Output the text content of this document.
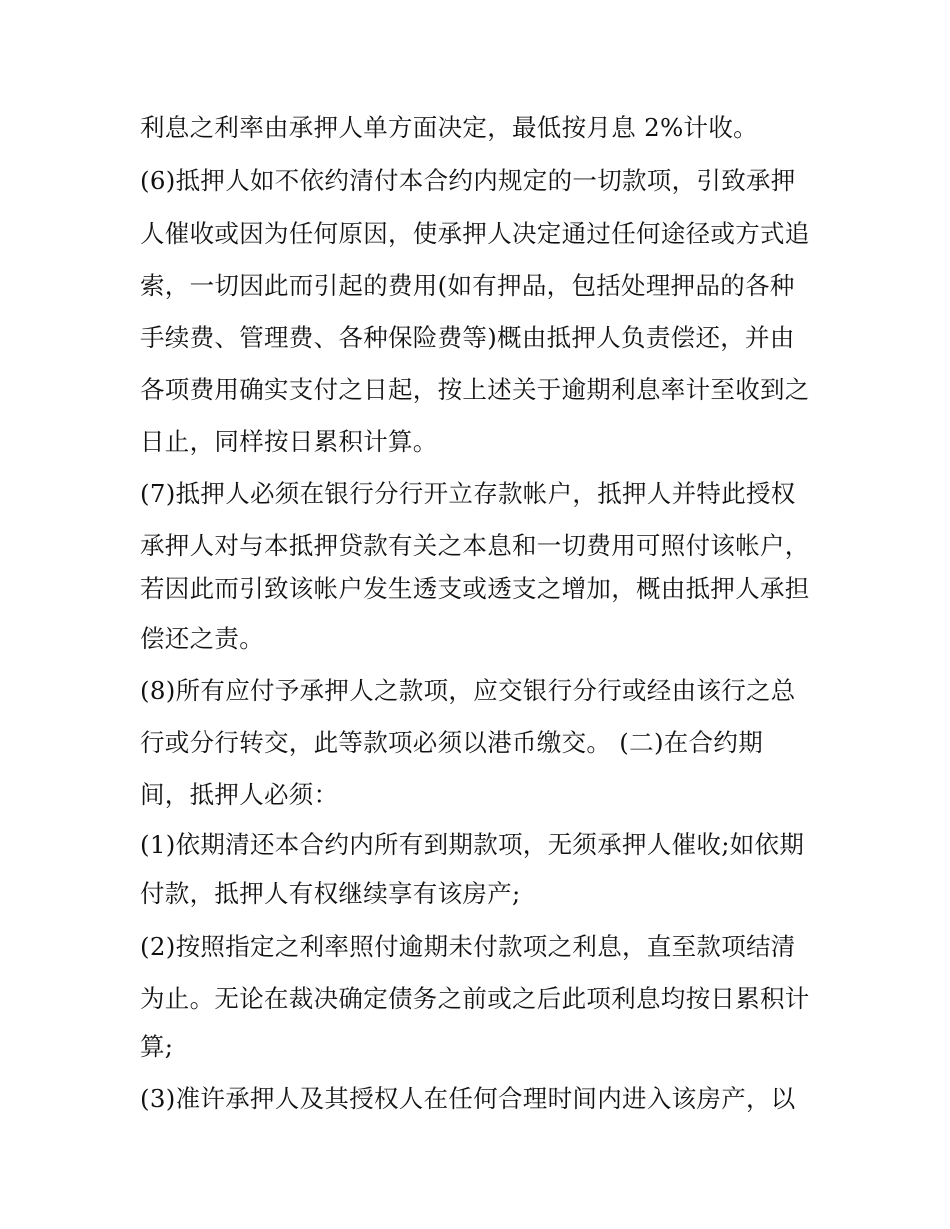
利息之利率由承押人单方面决定，最低按月息 2%计收。
(6)抵押人如不依约清付本合约内规定的一切款项，引致承押
人催收或因为任何原因，使承押人决定通过任何途径或方式追
索，一切因此而引起的费用(如有押品，包括处理押品的各种
手续费、管理费、各种保险费等)概由抵押人负责偿还，并由
各项费用确实支付之日起，按上述关于逾期利息率计至收到之
日止，同样按日累积计算。
(7)抵押人必须在银行分行开立存款帐户，抵押人并特此授权
承押人对与本抵押贷款有关之本息和一切费用可照付该帐户，
若因此而引致该帐户发生透支或透支之增加，概由抵押人承担
偿还之责。
(8)所有应付予承押人之款项，应交银行分行或经由该行之总
行或分行转交，此等款项必须以港币缴交。 (二)在合约期
间，抵押人必须：
(1)依期清还本合约内所有到期款项，无须承押人催收;如依期
付款，抵押人有权继续享有该房产;
(2)按照指定之利率照付逾期未付款项之利息，直至款项结清
为止。无论在裁决确定债务之前或之后此项利息均按日累积计
算;
(3)准许承押人及其授权人在任何合理时间内进入该房产，以
